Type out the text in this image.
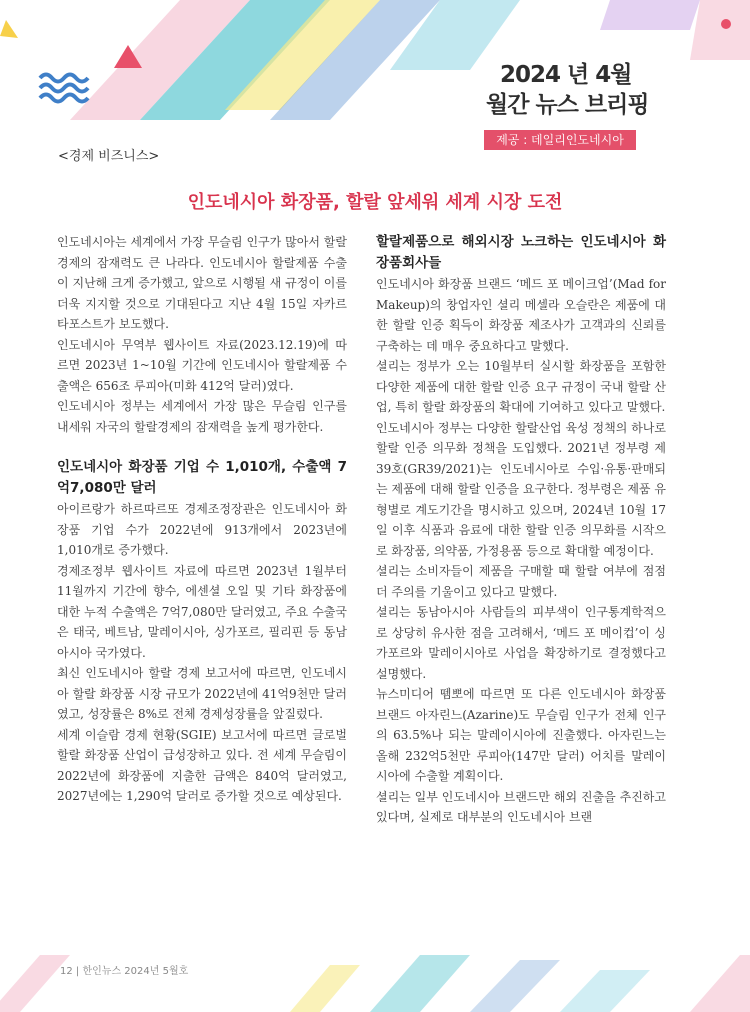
2024 년 4월
월간 뉴스 브리핑
제공 : 데일리인도네시아
<경제 비즈니스>
인도네시아 화장품, 할랄 앞세워 세계 시장 도전

인도네시아는 세계에서 가장 무슬림 인구가 많아서 할랄 경제의 잠재력도 큰 나라다. 인도네시아 할랄제품 수출이 지난해 크게 증가했고, 앞으로 시행될 새 규정이 이를 더욱 지지할 것으로 기대된다고 지난 4월 15일 자카르타포스트가 보도했다.

인도네시아 무역부 웹사이트 자료(2023.12.19)에 따르면 2023년 1~10월 기간에 인도네시아 할랄제품 수출액은 656조 루피아(미화 412억 달러)였다.

인도네시아 정부는 세계에서 가장 많은 무슬림 인구를 내세워 자국의 할랄경제의 잠재력을 높게 평가한다.

인도네시아 화장품 기업 수 1,010개, 수출액 7억7,080만 달러

아이르랑가 하르따르또 경제조정장관은 인도네시아 화장품 기업 수가 2022년에 913개에서 2023년에 1,010개로 증가했다.

경제조정부 웹사이트 자료에 따르면 2023년 1월부터 11월까지 기간에 향수, 에센셜 오일 및 기타 화장품에 대한 누적 수출액은 7억7,080만 달러였고, 주요 수출국은 태국, 베트남, 말레이시아, 싱가포르, 필리핀 등 동남아시아 국가였다.

최신 인도네시아 할랄 경제 보고서에 따르면, 인도네시아 할랄 화장품 시장 규모가 2022년에 41억9천만 달러였고, 성장률은 8%로 전체 경제성장률을 앞질렀다.

세계 이슬람 경제 현황(SGIE) 보고서에 따르면 글로벌 할랄 화장품 산업이 급성장하고 있다. 전 세계 무슬림이 2022년에 화장품에 지출한 금액은 840억 달러였고, 2027년에는 1,290억 달러로 증가할 것으로 예상된다.

할랄제품으로 해외시장 노크하는 인도네시아 화장품회사들

인도네시아 화장품 브랜드 ‘메드 포 메이크업’(Mad for Makeup)의 창업자인 셜리 메셀라 오슬란은 제품에 대한 할랄 인증 획득이 화장품 제조사가 고객과의 신뢰를 구축하는 데 매우 중요하다고 말했다.

셜리는 정부가 오는 10월부터 실시할 화장품을 포함한 다양한 제품에 대한 할랄 인증 요구 규정이 국내 할랄 산업, 특히 할랄 화장품의 확대에 기여하고 있다고 말했다.

인도네시아 정부는 다양한 할랄산업 육성 정책의 하나로 할랄 인증 의무화 정책을 도입했다. 2021년 정부령 제39호(GR39/2021)는 인도네시아로 수입·유통·판매되는 제품에 대해 할랄 인증을 요구한다. 정부령은 제품 유형별로 계도기간을 명시하고 있으며, 2024년 10월 17일 이후 식품과 음료에 대한 할랄 인증 의무화를 시작으로 화장품, 의약품, 가정용품 등으로 확대할 예정이다.

셜리는 소비자들이 제품을 구매할 때 할랄 여부에 점점 더 주의를 기울이고 있다고 말했다.

셜리는 동남아시아 사람들의 피부색이 인구통계학적으로 상당히 유사한 점을 고려해서, ‘메드 포 메이컵’이 싱가포르와 말레이시아로 사업을 확장하기로 결정했다고 설명했다.

뉴스미디어 뗌뽀에 따르면 또 다른 인도네시아 화장품 브랜드 아자린느(Azarine)도 무슬림 인구가 전체 인구의 63.5%나 되는 말레이시아에 진출했다. 아자린느는 올해 232억5천만 루피아(147만 달러) 어치를 말레이시아에 수출할 계획이다.

셜리는 일부 인도네시아 브랜드만 해외 진출을 추진하고 있다며, 실제로 대부분의 인도네시아 브랜

12 | 한인뉴스 2024년 5월호
